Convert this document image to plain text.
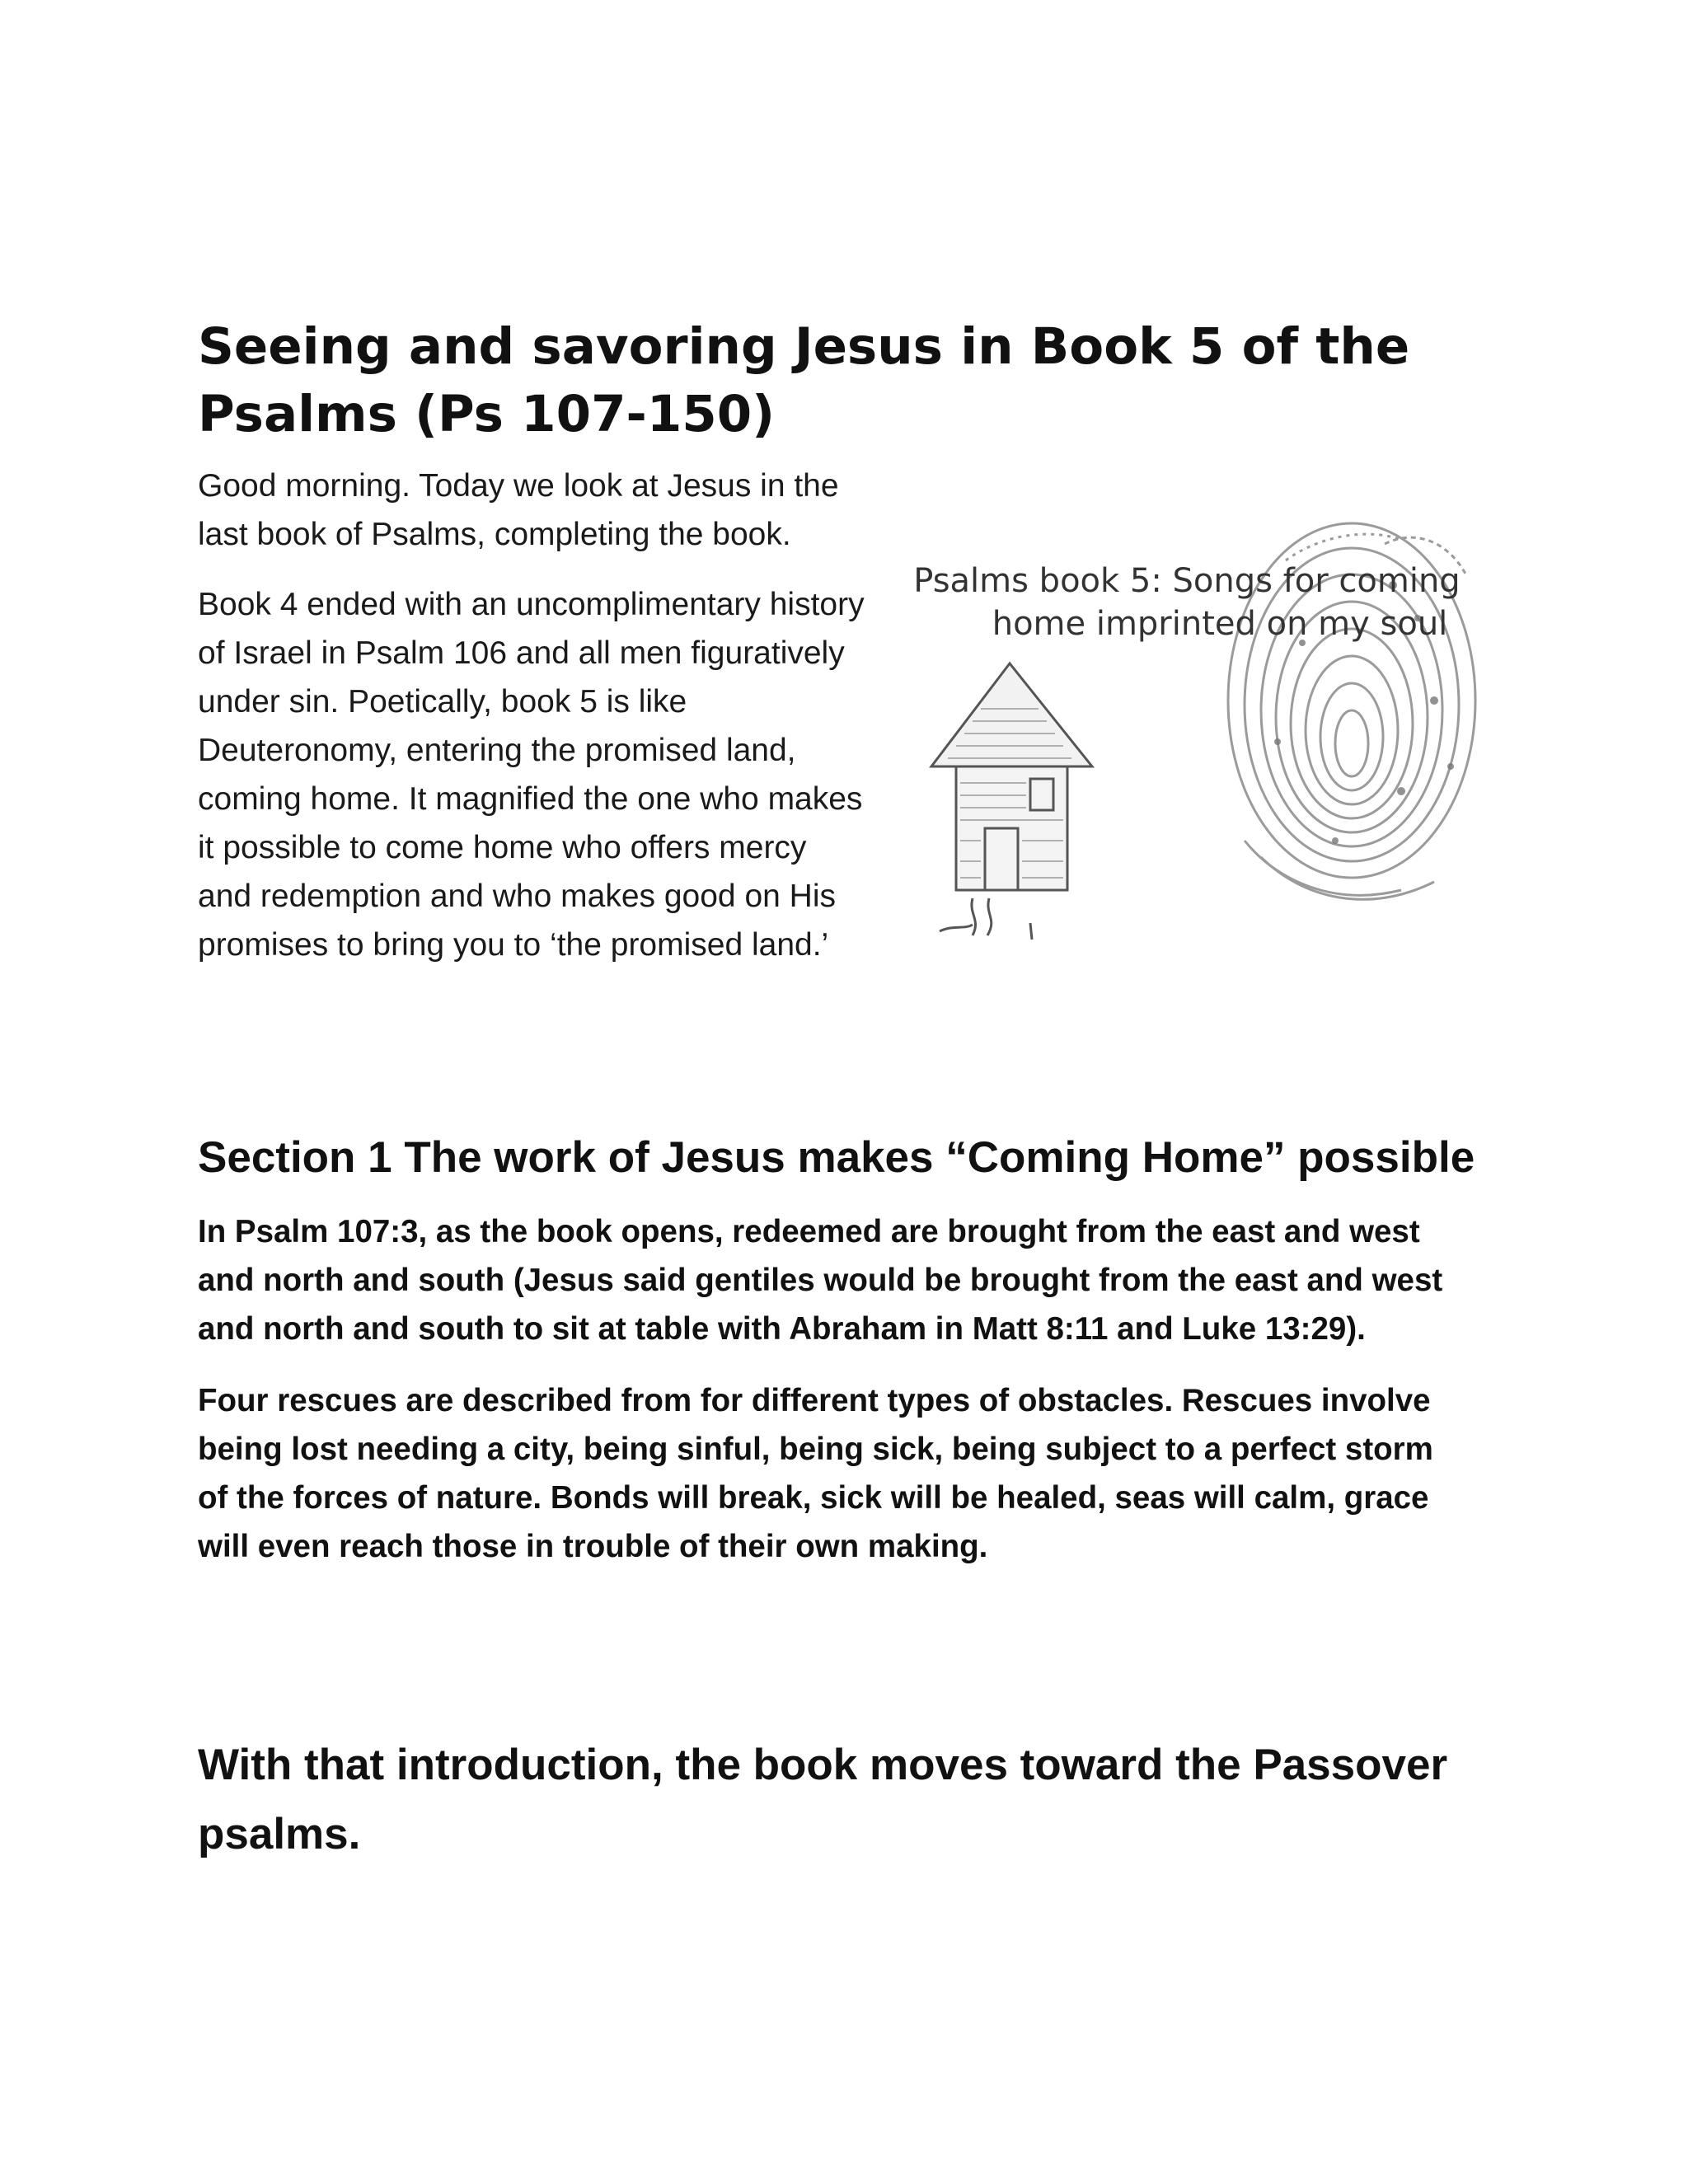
Seeing and savoring Jesus in Book 5 of the Psalms (Ps 107-150)
Psalms book 5: Songs for coming
home imprinted on my soul

Good morning. Today we look at Jesus in the last book of Psalms, completing the book.

Book 4 ended with an uncomplimentary history of Israel in Psalm 106 and all men figuratively under sin. Poetically, book 5 is like Deuteronomy, entering the promised land, coming home. It magnified the one who makes it possible to come home who offers mercy and redemption and who makes good on His promises to bring you to ‘the promised land.’

Section 1 The work of Jesus makes “Coming Home” possible

In Psalm 107:3, as the book opens, redeemed are brought from the east and west and north and south (Jesus said gentiles would be brought from the east and west and north and south to sit at table with Abraham in Matt 8:11 and Luke 13:29).

Four rescues are described from for different types of obstacles. Rescues involve being lost needing a city, being sinful, being sick, being subject to a perfect storm of the forces of nature. Bonds will break, sick will be healed, seas will calm, grace will even reach those in trouble of their own making.

With that introduction, the book moves toward the Passover psalms.
